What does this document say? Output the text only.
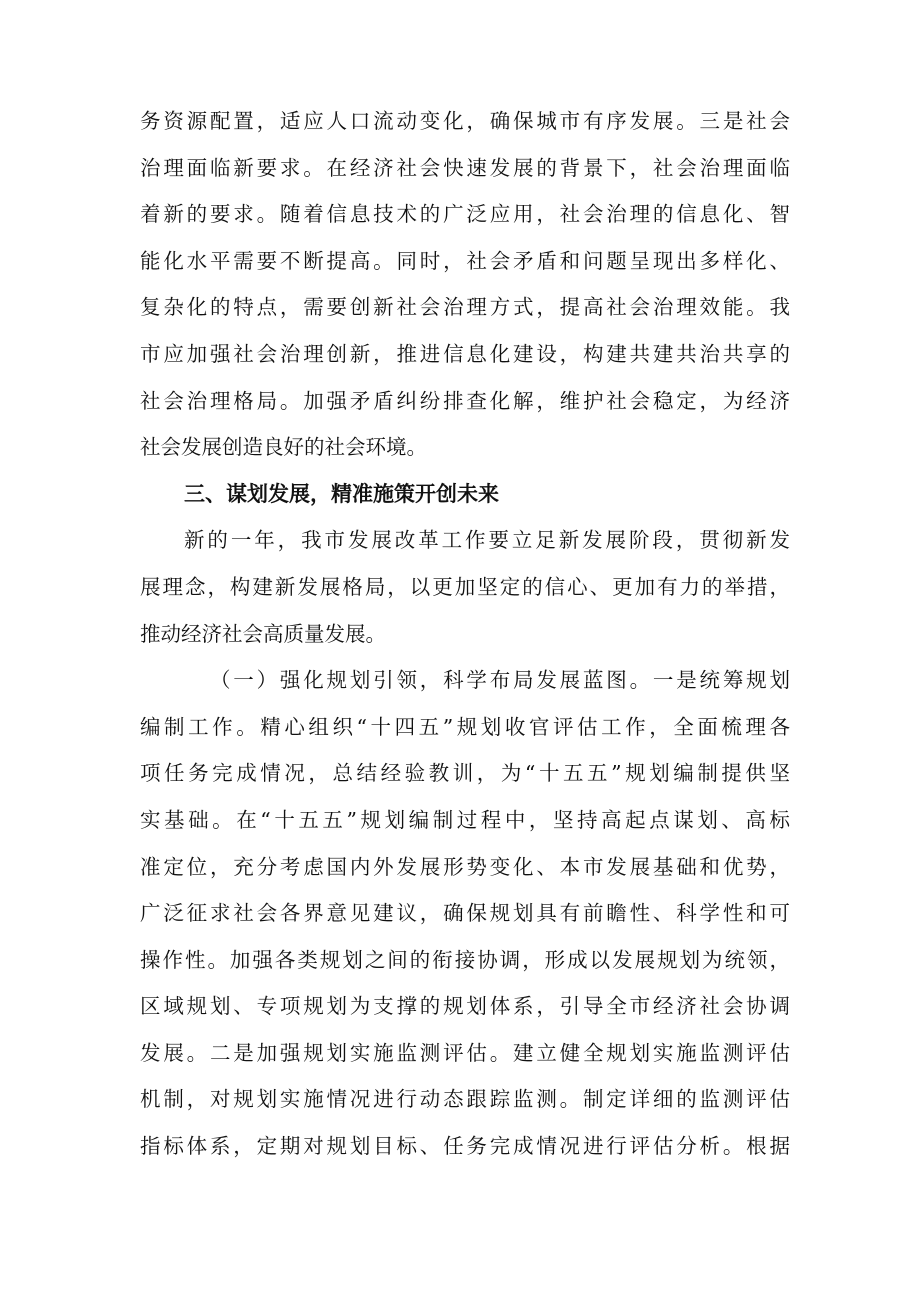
务资源配置，适应人口流动变化，确保城市有序发展。三是社会
治理面临新要求。在经济社会快速发展的背景下，社会治理面临
着新的要求。随着信息技术的广泛应用，社会治理的信息化、智
能化水平需要不断提高。同时，社会矛盾和问题呈现出多样化、
复杂化的特点，需要创新社会治理方式，提高社会治理效能。我
市应加强社会治理创新，推进信息化建设，构建共建共治共享的
社会治理格局。加强矛盾纠纷排查化解，维护社会稳定，为经济
社会发展创造良好的社会环境。
三、谋划发展，精准施策开创未来
新的一年，我市发展改革工作要立足新发展阶段，贯彻新发
展理念，构建新发展格局，以更加坚定的信心、更加有力的举措，
推动经济社会高质量发展。
（一）强化规划引领，科学布局发展蓝图。一是统筹规划
编制工作。精心组织“十四五”规划收官评估工作，全面梳理各
项任务完成情况，总结经验教训，为“十五五”规划编制提供坚
实基础。在“十五五”规划编制过程中，坚持高起点谋划、高标
准定位，充分考虑国内外发展形势变化、本市发展基础和优势，
广泛征求社会各界意见建议，确保规划具有前瞻性、科学性和可
操作性。加强各类规划之间的衔接协调，形成以发展规划为统领，
区域规划、专项规划为支撑的规划体系，引导全市经济社会协调
发展。二是加强规划实施监测评估。建立健全规划实施监测评估
机制，对规划实施情况进行动态跟踪监测。制定详细的监测评估
指标体系，定期对规划目标、任务完成情况进行评估分析。根据
